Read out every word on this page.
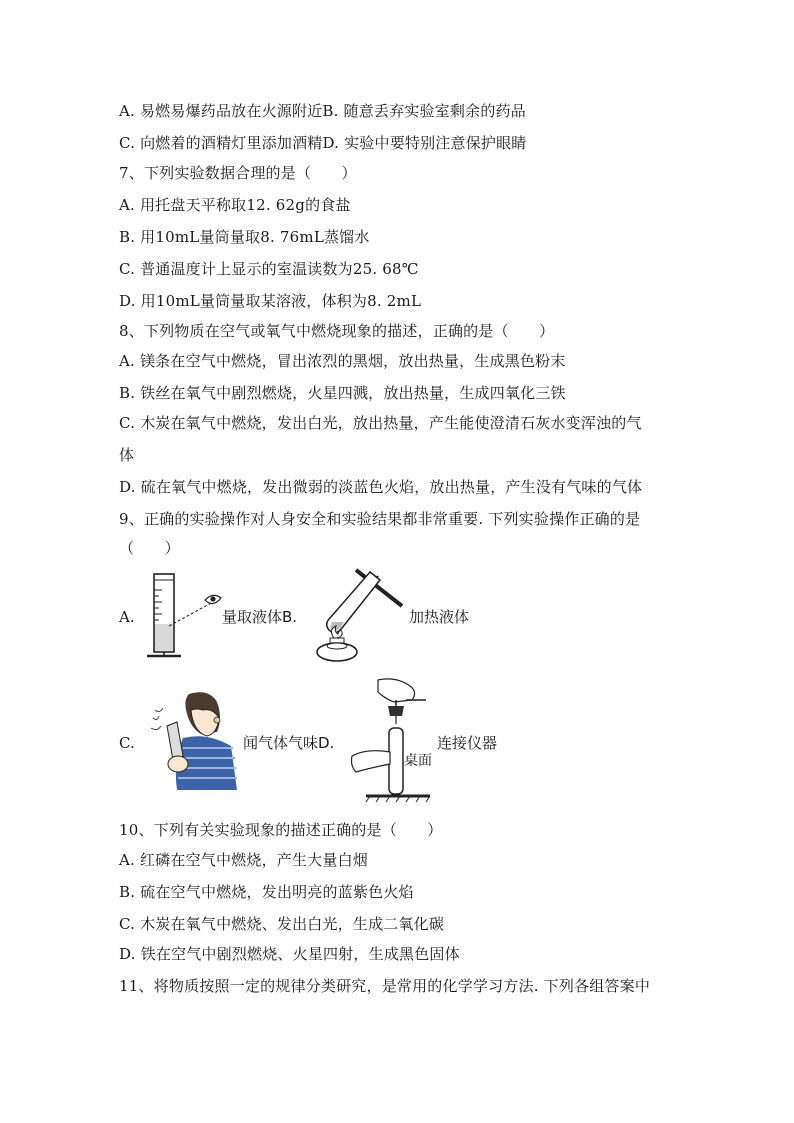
A. 易燃易爆药品放在火源附近B. 随意丢弃实验室剩余的药品
C. 向燃着的酒精灯里添加酒精D. 实验中要特别注意保护眼睛
7、下列实验数据合理的是（　　）
A. 用托盘天平称取12. 62g的食盐
B. 用10mL量筒量取8. 76mL蒸馏水
C. 普通温度计上显示的室温读数为25. 68℃
D. 用10mL量筒量取某溶液，体积为8. 2mL
8、下列物质在空气或氧气中燃烧现象的描述，正确的是（　　）
A. 镁条在空气中燃烧，冒出浓烈的黑烟，放出热量，生成黑色粉末
B. 铁丝在氧气中剧烈燃烧，火星四溅，放出热量，生成四氧化三铁
C. 木炭在氧气中燃烧，发出白光，放出热量，产生能使澄清石灰水变浑浊的气
体
D. 硫在氧气中燃烧，发出微弱的淡蓝色火焰，放出热量，产生没有气味的气体
9、正确的实验操作对人身安全和实验结果都非常重要. 下列实验操作正确的是
（　　）
A.	量取液体B.	加热液体
C.	闻气体气味D.
桌面
连接仪器
10、下列有关实验现象的描述正确的是（　　）
A. 红磷在空气中燃烧，产生大量白烟
B. 硫在空气中燃烧，发出明亮的蓝紫色火焰
C. 木炭在氧气中燃烧、发出白光，生成二氧化碳
D. 铁在空气中剧烈燃烧、火星四射，生成黑色固体
11、将物质按照一定的规律分类研究，是常用的化学学习方法. 下列各组答案中
